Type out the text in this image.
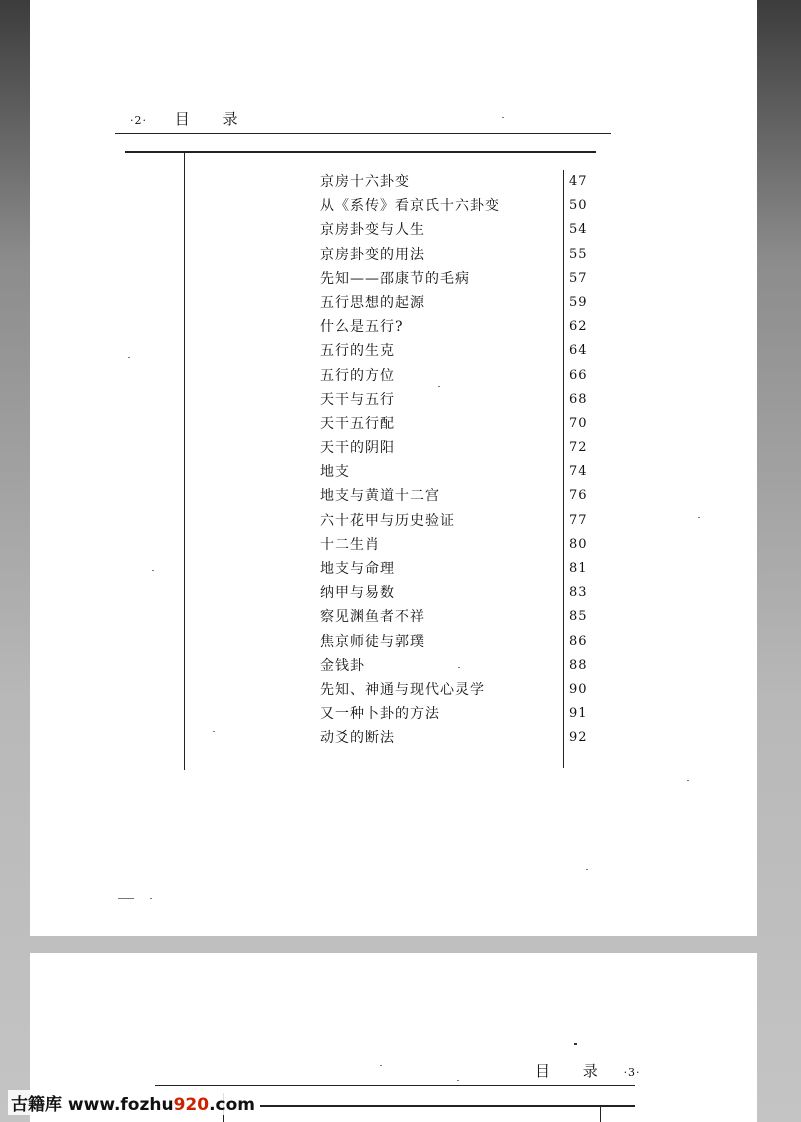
·2· 目 录
京房十六卦变	47
从《系传》看京氏十六卦变	50
京房卦变与人生	54
京房卦变的用法	55
先知——邵康节的毛病	57
五行思想的起源	59
什么是五行?	62
五行的生克	64
五行的方位	66
天干与五行	68
天干五行配	70
天干的阴阳	72
地支	74
地支与黄道十二宫	76
六十花甲与历史验证	77
十二生肖	80
地支与命理	81
纳甲与易数	83
察见渊鱼者不祥	85
焦京师徒与郭璞	86
金钱卦	88
先知、神通与现代心灵学	90
又一种卜卦的方法	91
动爻的断法	92
目 录 ·3·
古籍库 www.fozhu920.com
